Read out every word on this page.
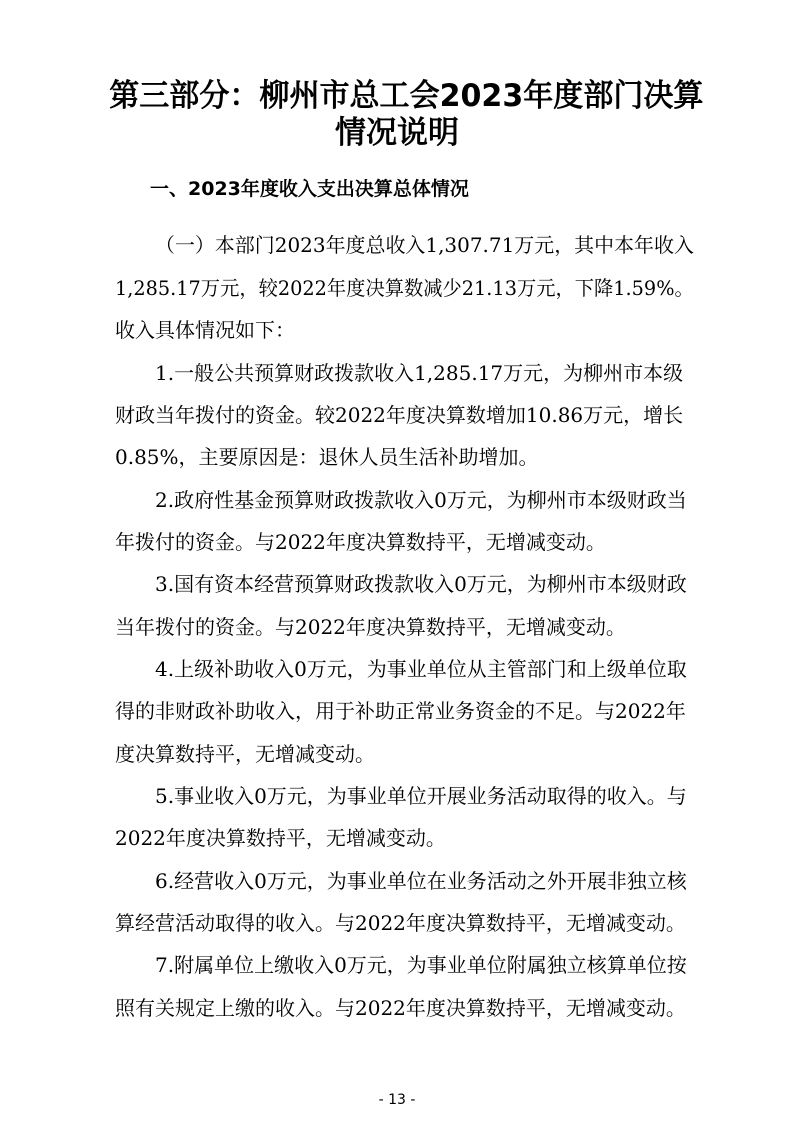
第三部分：柳州市总工会2023年度部门决算
情况说明
一、2023年度收入支出决算总体情况
（一）本部门2023年度总收入1,307.71万元，其中本年收入
1,285.17万元，较2022年度决算数减少21.13万元，下降1.59%。
收入具体情况如下：
1.一般公共预算财政拨款收入1,285.17万元，为柳州市本级
财政当年拨付的资金。较2022年度决算数增加10.86万元，增长
0.85%，主要原因是：退休人员生活补助增加。
2.政府性基金预算财政拨款收入0万元，为柳州市本级财政当
年拨付的资金。与2022年度决算数持平，无增减变动。
3.国有资本经营预算财政拨款收入0万元，为柳州市本级财政
当年拨付的资金。与2022年度决算数持平，无增减变动。
4.上级补助收入0万元，为事业单位从主管部门和上级单位取
得的非财政补助收入，用于补助正常业务资金的不足。与2022年
度决算数持平，无增减变动。
5.事业收入0万元，为事业单位开展业务活动取得的收入。与
2022年度决算数持平，无增减变动。
6.经营收入0万元，为事业单位在业务活动之外开展非独立核
算经营活动取得的收入。与2022年度决算数持平，无增减变动。
7.附属单位上缴收入0万元，为事业单位附属独立核算单位按
照有关规定上缴的收入。与2022年度决算数持平，无增减变动。
- 13 -
